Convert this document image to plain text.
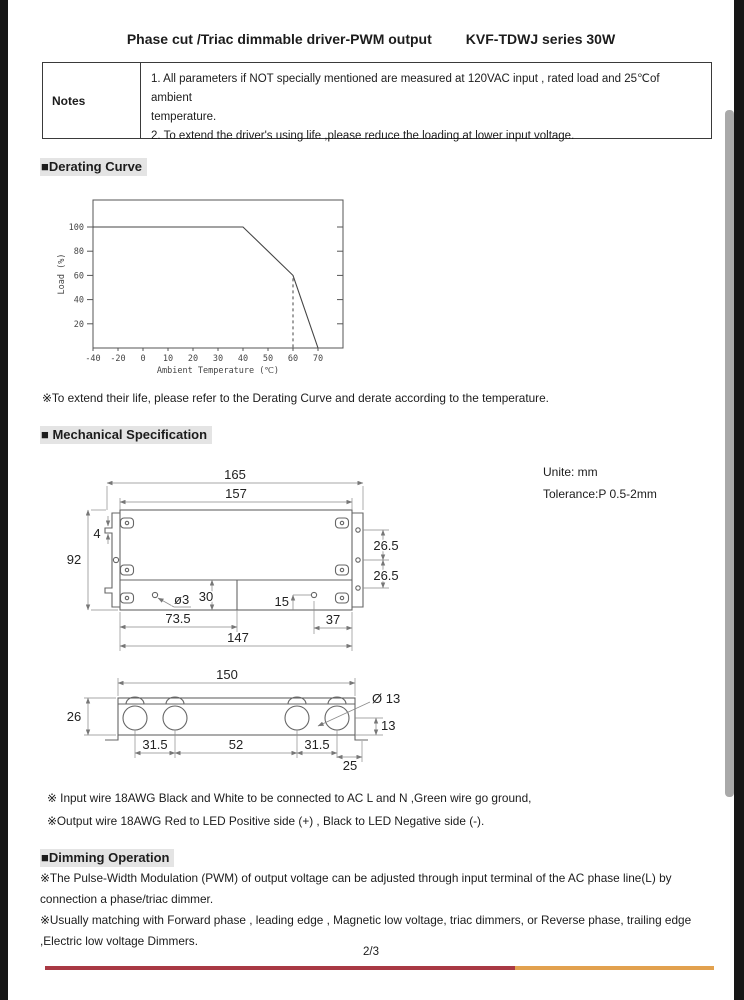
Phase cut /Triac dimmable driver-PWM output KVF-TDWJ series 30W
Notes
1. All parameters if NOT specially mentioned are measured at 120VAC input , rated load and 25℃of ambient
temperature.
2. To extend the driver's using life ,please reduce the loading at lower input voltage.
■Derating Curve
20
40
60
80
100
-40 -20 0 10 20 30 40 50 60 70
Ambient Temperature (℃)
Load (%)
※To extend their life, please refer to the Derating Curve and derate according to the temperature.
■ Mechanical Specification
Unite: mm
Tolerance:P 0.5-2mm
165
157
92
4
26.5
26.5
ø3 30	15
73.5	37
147
150
26
Ø 13
13
31.5	52	31.5
25
※ Input wire 18AWG Black and White to be connected to AC L and N ,Green wire go ground,
※Output wire 18AWG Red to LED Positive side (+) , Black to LED Negative side (-).
■Dimming Operation
※The Pulse-Width Modulation (PWM) of output voltage can be adjusted through input terminal of the AC phase line(L) by connection a phase/triac dimmer.
※Usually matching with Forward phase , leading edge , Magnetic low voltage, triac dimmers, or Reverse phase, trailing edge ,Electric low voltage Dimmers.
2/3
